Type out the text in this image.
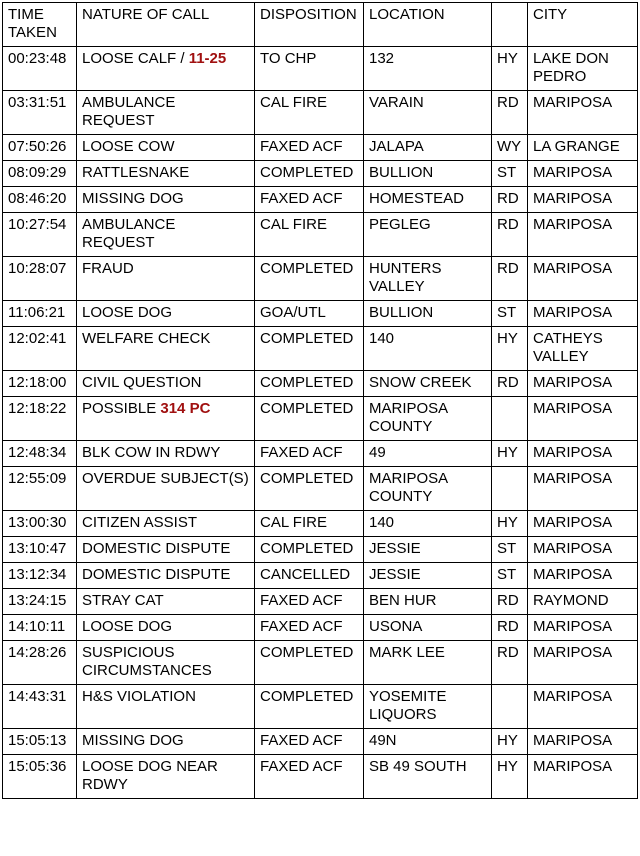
TIME
TAKEN	NATURE OF CALL	DISPOSITION	LOCATION		CITY
00:23:48	LOOSE CALF / 11-25	TO CHP	132	HY	LAKE DON PEDRO
03:31:51	AMBULANCE REQUEST	CAL FIRE	VARAIN	RD	MARIPOSA
07:50:26	LOOSE COW	FAXED ACF	JALAPA	WY	LA GRANGE
08:09:29	RATTLESNAKE	COMPLETED	BULLION	ST	MARIPOSA
08:46:20	MISSING DOG	FAXED ACF	HOMESTEAD	RD	MARIPOSA
10:27:54	AMBULANCE REQUEST	CAL FIRE	PEGLEG	RD	MARIPOSA
10:28:07	FRAUD	COMPLETED	HUNTERS VALLEY	RD	MARIPOSA
11:06:21	LOOSE DOG	GOA/UTL	BULLION	ST	MARIPOSA
12:02:41	WELFARE CHECK	COMPLETED	140	HY	CATHEYS VALLEY
12:18:00	CIVIL QUESTION	COMPLETED	SNOW CREEK	RD	MARIPOSA
12:18:22	POSSIBLE 314 PC	COMPLETED	MARIPOSA COUNTY		MARIPOSA
12:48:34	BLK COW IN RDWY	FAXED ACF	49	HY	MARIPOSA
12:55:09	OVERDUE SUBJECT(S)	COMPLETED	MARIPOSA COUNTY		MARIPOSA
13:00:30	CITIZEN ASSIST	CAL FIRE	140	HY	MARIPOSA
13:10:47	DOMESTIC DISPUTE	COMPLETED	JESSIE	ST	MARIPOSA
13:12:34	DOMESTIC DISPUTE	CANCELLED	JESSIE	ST	MARIPOSA
13:24:15	STRAY CAT	FAXED ACF	BEN HUR	RD	RAYMOND
14:10:11	LOOSE DOG	FAXED ACF	USONA	RD	MARIPOSA
14:28:26	SUSPICIOUS CIRCUMSTANCES	COMPLETED	MARK LEE	RD	MARIPOSA
14:43:31	H&S VIOLATION	COMPLETED	YOSEMITE LIQUORS		MARIPOSA
15:05:13	MISSING DOG	FAXED ACF	49N	HY	MARIPOSA
15:05:36	LOOSE DOG NEAR RDWY	FAXED ACF	SB 49 SOUTH	HY	MARIPOSA
